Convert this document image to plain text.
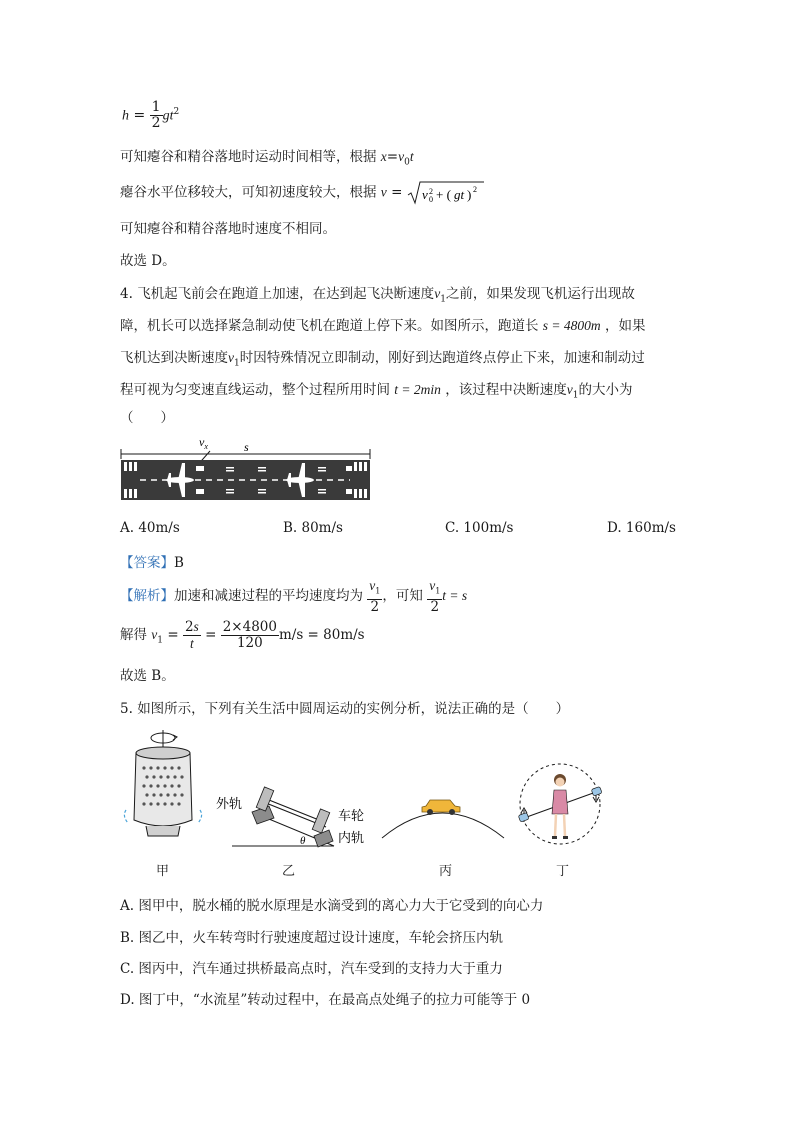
$h = \frac{1}{2} gt^2$
可知瘪谷和精谷落地时运动时间相等，根据 $x=v_0t$
瘪谷水平位移较大，可知初速度较大，根据 v = v 2
0 + ( gt ) 2
可知瘪谷和精谷落地时速度不相同。
故选 D。
4. 飞机起飞前会在跑道上加速，在达到起飞决断速度$v_1$之前，如果发现飞机运行出现故
障，机长可以选择紧急制动使飞机在跑道上停下来。如图所示，跑道长 s = 4800m ，如果
飞机达到决断速度$v_1$时因特殊情况立即制动，刚好到达跑道终点停止下来，加速和制动过
程可视为匀变速直线运动，整个过程所用时间 t = 2min ，该过程中决断速度$v_1$的大小为
（　　）
$v_x$	s
A. 40m/s	B. 80m/s	C. 100m/s	D. 160m/s
【答案】B
【解析】加速和减速过程的平均速度均为 $\frac{v_1}{2}$ ，可知 $\frac{v_1}{2}$ t = s
解得 $v_1 = \frac{2s}{t} = \frac{2\times 4800}{120} m/s = 80m/s$
故选 B。
5. 如图所示，下列有关生活中圆周运动的实例分析，说法正确的是（　　）
外轨
车轮
内轨
θ
甲	乙	丙	丁
A. 图甲中，脱水桶的脱水原理是水滴受到的离心力大于它受到的向心力
B. 图乙中，火车转弯时行驶速度超过设计速度，车轮会挤压内轨
C. 图丙中，汽车通过拱桥最高点时，汽车受到的支持力大于重力
D. 图丁中，“水流星”转动过程中，在最高点处绳子的拉力可能等于 0
